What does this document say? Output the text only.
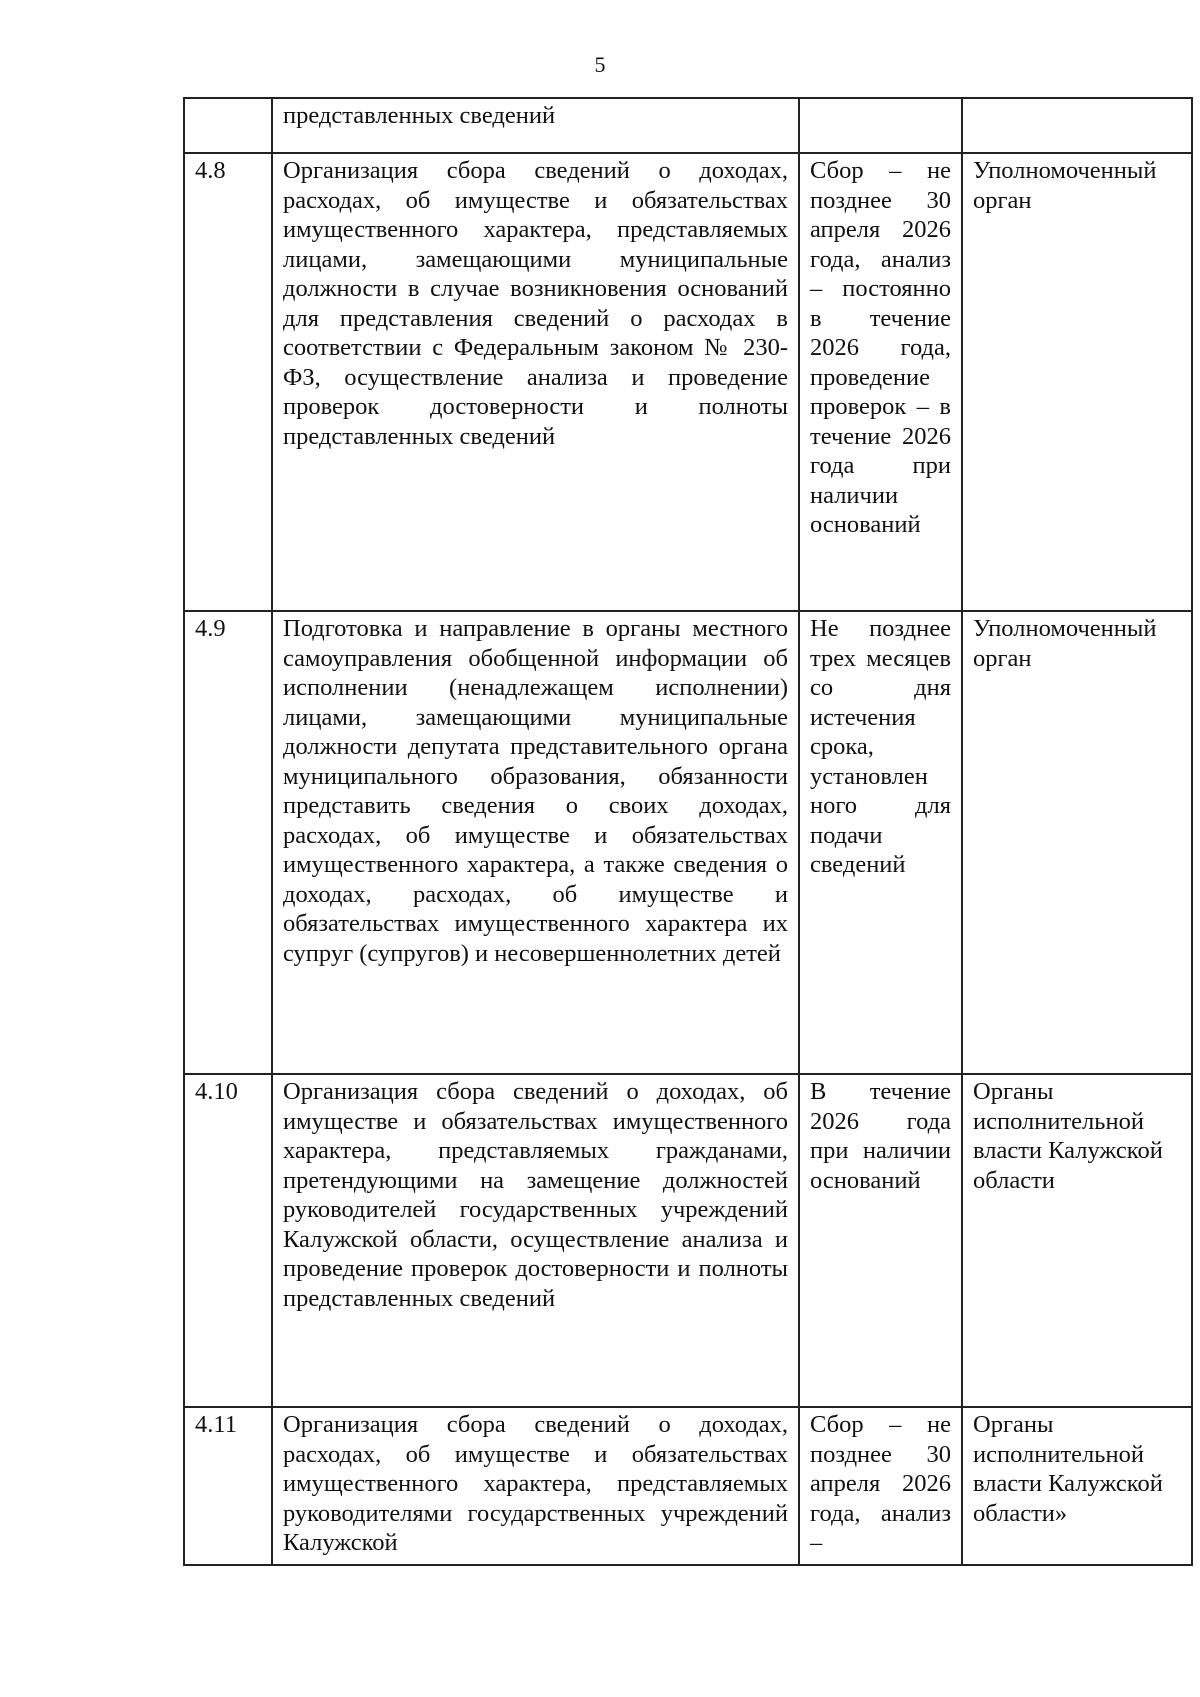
5
	представленных сведений		
4.8	Организация сбора сведений о доходах, расходах, об имуществе и обязательствах имущественного характера, представляемых лицами, замещающими муниципальные должности в случае возникновения оснований для представления сведений о расходах в соответствии с Федеральным законом № 230-ФЗ, осуществление анализа и проведение проверок достоверности и полноты представленных сведений	Сбор – не позднее 30 апреля 2026 года, анализ – постоянно в течение 2026 года, проведение проверок – в течение 2026 года при наличии оснований	Уполномоченный орган
4.9	Подготовка и направление в органы местного самоуправления обобщенной информации об исполнении (ненадлежащем исполнении) лицами, замещающими муниципальные должности депутата представительного органа муниципального образования, обязанности представить сведения о своих доходах, расходах, об имуществе и обязательствах имущественного характера, а также сведения о доходах, расходах, об имуществе и обязательствах имущественного характера их супруг (супругов) и несовершеннолетних детей	Не позднее трех месяцев со дня истечения срока, установлен ного для подачи сведений	Уполномоченный орган
4.10	Организация сбора сведений о доходах, об имуществе и обязательствах имущественного характера, представляемых гражданами, претендующими на замещение должностей руководителей государственных учреждений Калужской области, осуществление анализа и проведение проверок достоверности и полноты представленных сведений	В течение 2026 года при наличии оснований	Органы исполнительной власти Калужской области
4.11	Организация сбора сведений о доходах, расходах, об имуществе и обязательствах имущественного характера, представляемых руководителями государственных учреждений Калужской	Сбор – не позднее 30 апреля 2026 года, анализ –	Органы исполнительной власти Калужской области»
